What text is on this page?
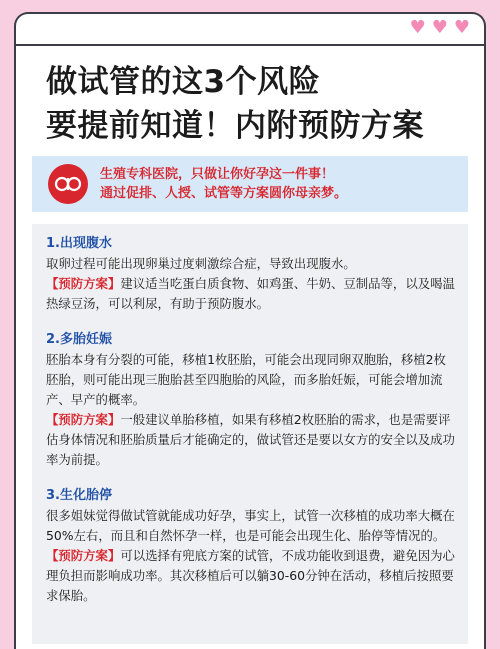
♥ ♥ ♥
做试管的这3个风险
要提前知道！内附预防方案
生殖专科医院，只做让你好孕这一件事！
通过促排、人授、试管等方案圆你母亲梦。
1.出现腹水
取卵过程可能出现卵巢过度刺激综合症，导致出现腹水。
【预防方案】建议适当吃蛋白质食物、如鸡蛋、牛奶、豆制品等，以及喝温热绿豆汤，可以利尿，有助于预防腹水。
2.多胎妊娠
胚胎本身有分裂的可能，移植1枚胚胎，可能会出现同卵双胞胎，移植2枚胚胎，则可能出现三胞胎甚至四胞胎的风险，而多胎妊娠，可能会增加流产、早产的概率。
【预防方案】一般建议单胎移植，如果有移植2枚胚胎的需求，也是需要评估身体情况和胚胎质量后才能确定的，做试管还是要以女方的安全以及成功率为前提。
3.生化胎停
很多姐妹觉得做试管就能成功好孕，事实上，试管一次移植的成功率大概在50%左右，而且和自然怀孕一样，也是可能会出现生化、胎停等情况的。
【预防方案】可以选择有兜底方案的试管，不成功能收到退费，避免因为心理负担而影响成功率。其次移植后可以躺30-60分钟在活动，移植后按照要求保胎。
